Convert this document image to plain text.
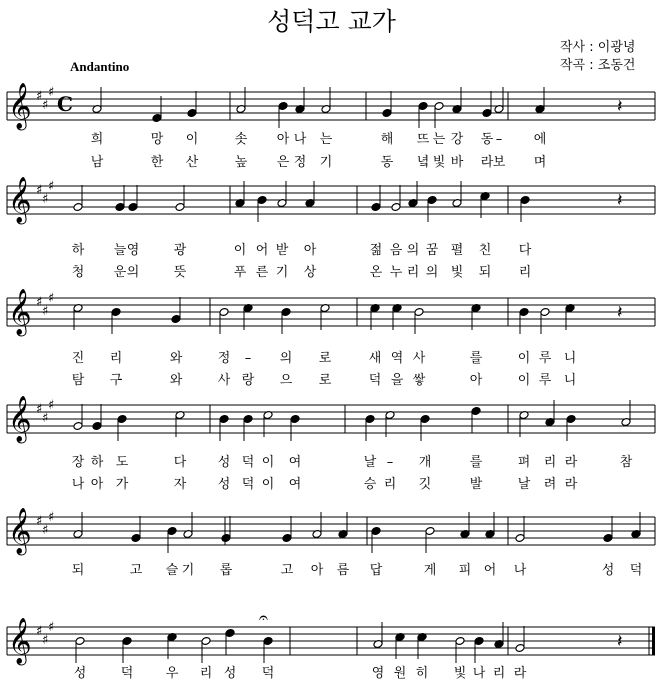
성덕고 교가
작사 : 이광녕
작곡 : 조동건
Andantino
𝄞 ♯
♯
♯ C	𝄽
희	망 이	솟 아 나 는	해 뜨 는 강 동 – 에
남	한 산	높 은 정 기	동 녘 빛 바 라 보 며
𝄞 ♯
♯
♯
𝄽
하 늘 영	광	이 어 받 아	젊 음 의 꿈 펼 친 다
청 운 의	뜻	푸 른 기 상	온 누 리 의 빛 되 리
𝄞 ♯
♯
♯
𝄽
진 리	와	정 – 의 로	새 역 사	를	이 루 니
탐 구	와	사 랑 으 로	덕 을 쌓	아	이 루 니
𝄞 ♯
♯
♯
장 하 도	다 성 덕 이 여	날 – 개	를	펴 리 라	참
나 아 가	자 성 덕 이 여	승 리 깃	발	날 려 라
𝄞 ♯
♯
♯
되	고 슬 기 롭	고 아 름 답	게 피 어 나	성 덕
𝄞 ♯
♯
♯
𝄽
𝄐
성	덕 우 리 성 덕	영 원 히 빛 나 리 라
